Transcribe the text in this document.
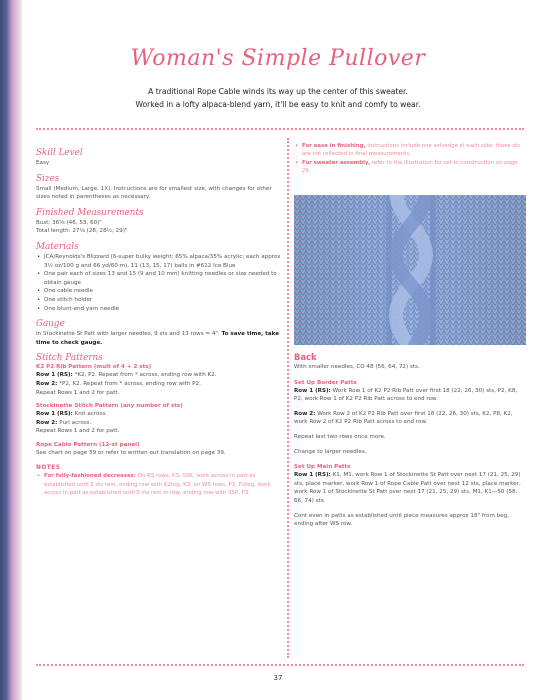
Woman's Simple Pullover
A traditional Rope Cable winds its way up the center of this sweater.
Worked in a lofty alpaca-blend yarn, it'll be easy to knit and comfy to wear.
Skill Level
Easy
Sizes
Small (Medium, Large, 1X). Instructions are for smallest size, with changes for other sizes noted in parentheses as necessary.
Finished Measurements
Bust: 36⅝ (46, 53, 60)"
Total length: 27⅛ (28, 28½, 29)"
Materials
• JCA/Reynolds's Blizzard (6-super bulky weight; 65% alpaca/35% acrylic; each approx 3½ oz/100 g and 66 yd/60 m), 11 (13, 15, 17) balls in #612 Ice Blue
• One pair each of sizes 13 and 15 (9 and 10 mm) knitting needles or size needed to obtain gauge
• One cable needle
• One stitch holder
• One blunt-end yarn needle
Gauge
In Stockinette St Patt with larger needles, 9 sts and 13 rows = 4". To save time, take time to check gauge.
Stitch Patterns
K2 P2 Rib Pattern (mult of 4 + 2 sts)
Row 1 (RS): *K2, P2. Repeat from * across, ending row with K2.
Row 2: *P2, K2. Repeat from * across, ending row with P2.
Repeat Rows 1 and 2 for patt.
Stockinette Stitch Pattern (any number of sts)
Row 1 (RS): Knit across.
Row 2: Purl across.
Repeat Rows 1 and 2 for patt.
Rope Cable Pattern (12-st panel)
See chart on page 39 or refer to written out translation on page 39.
NOTES
• For fully-fashioned decreases: On RS rows, K3, SSK, work across in patt as established until 5 sts rem, ending row with K2tog, K3; on WS rows, P3, P2tog, work across in patt as established until 5 sts rem in row, ending row with SSP, P3.
• For ease in finishing, instructions include one selvedge st each side; these sts are not reflected in final measurements.
• For sweater assembly, refer to the illustration for set-in construction on page 29.
Back
With smaller needles, CO 48 (56, 64, 72) sts.
Set Up Border Patts
Row 1 (RS): Work Row 1 of K2 P2 Rib Patt over first 18 (22, 26, 30) sts, P2, K8, P2, work Row 1 of K2 P2 Rib Patt across to end row.
Row 2: Work Row 2 of K2 P2 Rib Patt over first 18 (22, 26, 30) sts, K2, P8, K2, work Row 2 of K2 P2 Rib Patt across to end row.
Repeat last two rows once more.
Change to larger needles.
Set Up Main Patts
Row 1 (RS): K1, M1, work Row 1 of Stockinette St Patt over next 17 (21, 25, 29) sts, place marker, work Row 1 of Rope Cable Patt over next 12 sts, place marker, work Row 1 of Stockinette St Patt over next 17 (21, 25, 29) sts, M1, K1—50 (58, 66, 74) sts.
Cont even in patts as established until piece measures approx 18" from beg, ending after WS row.
37
